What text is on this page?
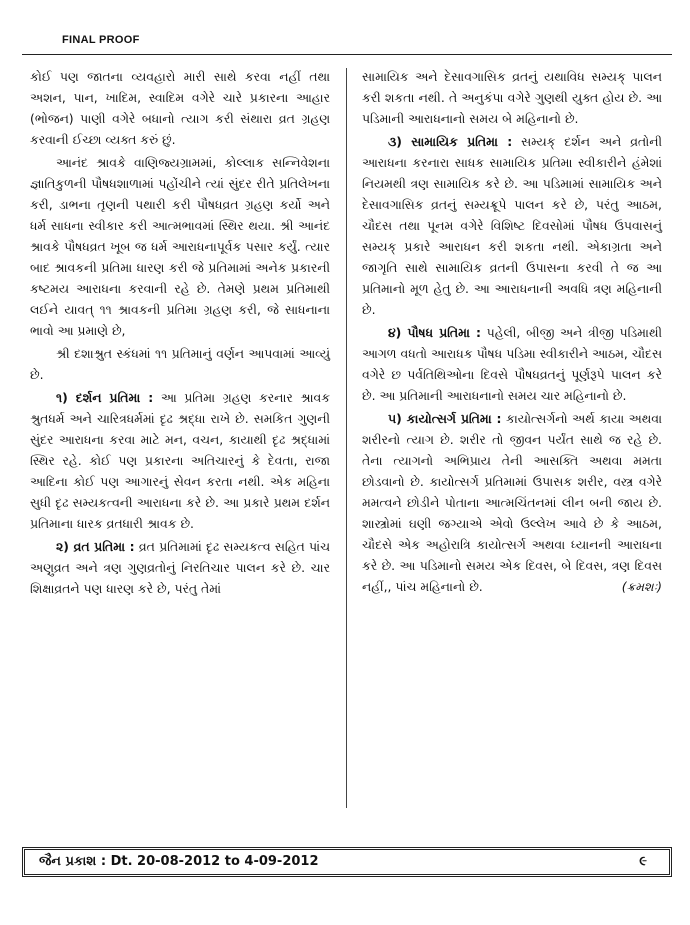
FINAL PROOF

કોઈ પણ જાતના વ્યવહારો મારી સાથે કરવા નહીં તથા અશન, પાન, ખાદિમ, સ્વાદિમ વગેરે ચારે પ્રકારના આહાર (ભોજન) પાણી વગેરે બધાનો ત્યાગ કરી સંથારા વ્રત ગ્રહણ કરવાની ઈચ્છા વ્યક્ત કરું છું.

આનંદ શ્રાવકે વાણિજ્યગ્રામમાં, કોલ્લાક સન્નિવેશના જ્ઞાતિકુળની પૌષધશાળામાં પહોંચીને ત્યાં સુંદર રીતે પ્રતિલેખના કરી, ડાભના તૃણની પથારી કરી પૌષધવ્રત ગ્રહણ કર્યો અને ધર્મ સાધના સ્વીકાર કરી આત્મભાવમાં સ્થિર થયા. શ્રી આનંદ શ્રાવકે પૌષધવ્રત ખૂબ જ ધર્મ આરાધનાપૂર્વક પસાર કર્યું. ત્યાર બાદ શ્રાવકની પ્રતિમા ધારણ કરી જે પ્રતિમામાં અનેક પ્રકારની કષ્ટમય આરાધના કરવાની રહે છે. તેમણે પ્રથમ પ્રતિમાથી લઈને યાવત્ ૧૧ શ્રાવકની પ્રતિમા ગ્રહણ કરી, જે સાધનાના ભાવો આ પ્રમાણે છે,

શ્રી દશાશ્રુત સ્કંધમાં ૧૧ પ્રતિમાનું વર્ણન આપવામાં આવ્યું છે.

૧) દર્શન પ્રતિમા : આ પ્રતિમા ગ્રહણ કરનાર શ્રાવક શ્રુતધર્મ અને ચારિત્રધર્મમાં દૃઢ શ્રદ્ધા રાખે છે. સમકિત ગુણની સુંદર આરાધના કરવા માટે મન, વચન, કાયાથી દૃઢ શ્રદ્ધામાં સ્થિર રહે. કોઈ પણ પ્રકારના અતિચારનું કે દેવતા, રાજા આદિના કોઈ પણ આગારનું સેવન કરતા નથી. એક મહિના સુધી દૃઢ સમ્યકત્વની આરાધના કરે છે. આ પ્રકારે પ્રથમ દર્શન પ્રતિમાના ધારક વ્રતધારી શ્રાવક છે.

૨) વ્રત પ્રતિમા : વ્રત પ્રતિમામાં દૃઢ સમ્યકત્વ સહિત પાંચ અણુવ્રત અને ત્રણ ગુણવ્રતોનું નિરતિચાર પાલન કરે છે. ચાર શિક્ષાવ્રતને પણ ધારણ કરે છે, પરંતુ તેમાં

સામાયિક અને દેસાવગાસિક વ્રતનું યથાવિધ સમ્યક્ પાલન કરી શકતા નથી. તે અનુકંપા વગેરે ગુણથી યુક્ત હોય છે. આ પડિમાની આરાધનાનો સમય બે મહિનાનો છે.

૩) સામાયિક પ્રતિમા : સમ્યક્ દર્શન અને વ્રતોની આરાધના કરનારા સાધક સામાયિક પ્રતિમા સ્વીકારીને હંમેશાં નિયમથી ત્રણ સામાયિક કરે છે. આ પડિમામાં સામાયિક અને દેસાવગાસિક વ્રતનું સમ્યક્રૂપે પાલન કરે છે, પરંતુ આઠમ, ચૌદસ તથા પૂનમ વગેરે વિશિષ્ટ દિવસોમાં પૌષધ ઉપવાસનું સમ્યક્ પ્રકારે આરાધન કરી શકતા નથી. એકાગ્રતા અને જાગૃતિ સાથે સામાયિક વ્રતની ઉપાસના કરવી તે જ આ પ્રતિમાનો મૂળ હેતુ છે. આ આરાધનાની અવધિ ત્રણ મહિનાની છે.

૪) પૌષધ પ્રતિમા : પહેલી, બીજી અને ત્રીજી પડિમાથી આગળ વધતો આરાધક પૌષધ પડિમા સ્વીકારીને આઠમ, ચૌદસ વગેરે છ પર્વતિથિઓના દિવસે પૌષધવ્રતનું પૂર્ણરૂપે પાલન કરે છે. આ પ્રતિમાની આરાધનાનો સમય ચાર મહિનાનો છે.

૫) કાયોત્સર્ગ પ્રતિમા : કાયોત્સર્ગનો અર્થ કાયા અથવા શરીરનો ત્યાગ છે. શરીર તો જીવન પર્યંત સાથે જ રહે છે. તેના ત્યાગનો અભિપ્રાય તેની આસક્તિ અથવા મમતા છોડવાનો છે. કાયોત્સર્ગ પ્રતિમામાં ઉપાસક શરીર, વસ્ત્ર વગેરે મમત્વને છોડીને પોતાના આત્મચિંતનમાં લીન બની જાય છે. શાસ્ત્રોમાં ઘણી જગ્યાએ એવો ઉલ્લેખ આવે છે કે આઠમ, ચૌદસે એક અહોરાત્રિ કાયોત્સર્ગ અથવા ધ્યાનની આરાધના કરે છે. આ પડિમાનો સમય એક દિવસ, બે દિવસ, ત્રણ દિવસ નહીં,, પાંચ મહિનાનો છે.	(ક્રમશઃ)

જૈન પ્રકાશ : Dt. 20-08-2012 to 4-09-2012	૯
